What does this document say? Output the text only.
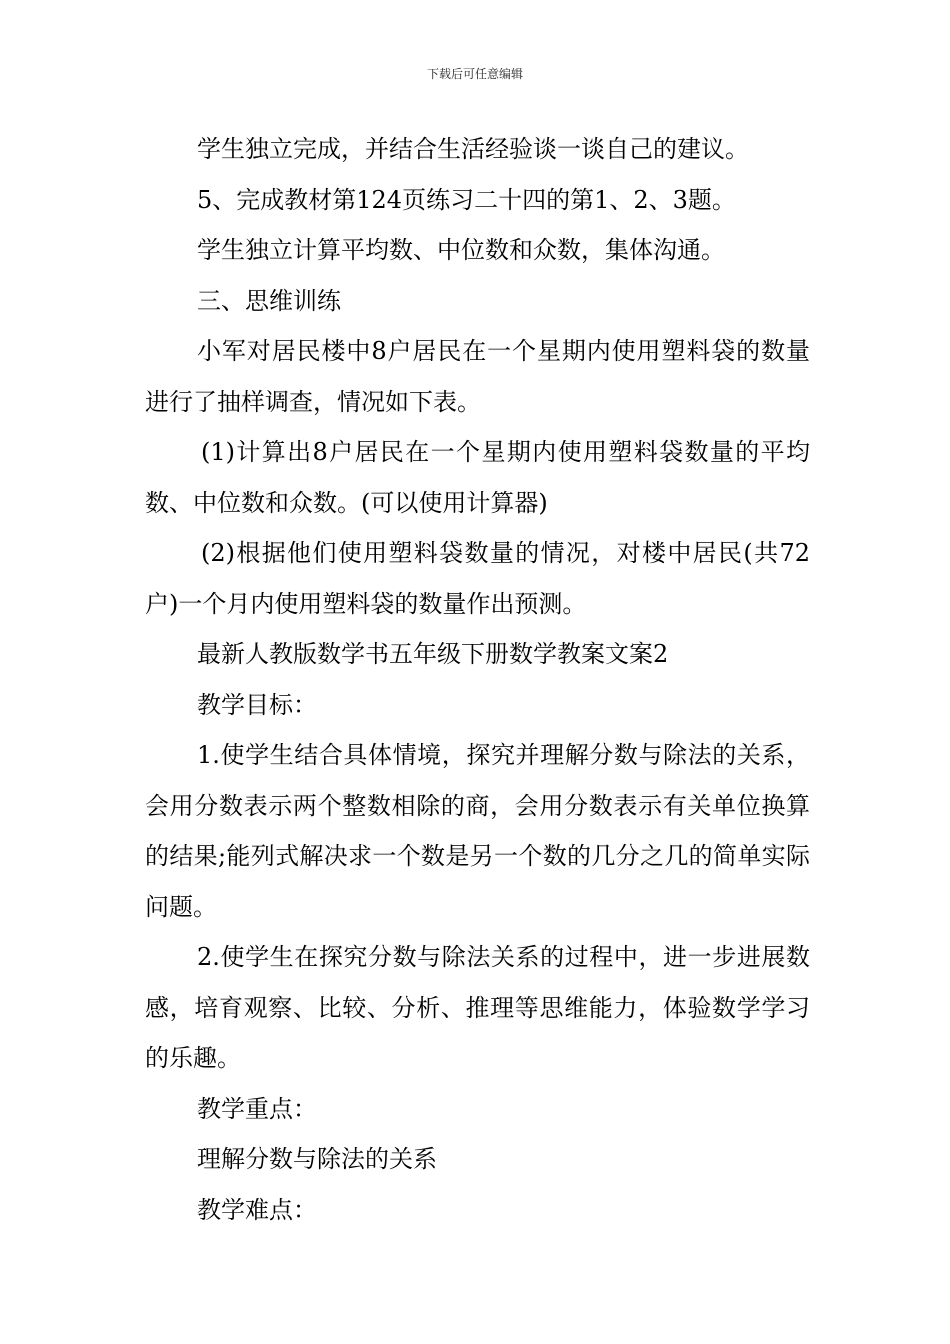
下载后可任意编辑

学生独立完成，并结合生活经验谈一谈自己的建议。

5、完成教材第124页练习二十四的第1、2、3题。

学生独立计算平均数、中位数和众数，集体沟通。

三、思维训练

小军对居民楼中8户居民在一个星期内使用塑料袋的数量进行了抽样调查，情况如下表。

(1)计算出8户居民在一个星期内使用塑料袋数量的平均数、中位数和众数。(可以使用计算器)

(2)根据他们使用塑料袋数量的情况，对楼中居民(共72户)一个月内使用塑料袋的数量作出预测。

最新人教版数学书五年级下册数学教案文案2

教学目标：

1.使学生结合具体情境，探究并理解分数与除法的关系，会用分数表示两个整数相除的商，会用分数表示有关单位换算的结果;能列式解决求一个数是另一个数的几分之几的简单实际问题。

2.使学生在探究分数与除法关系的过程中，进一步进展数感，培育观察、比较、分析、推理等思维能力，体验数学学习的乐趣。

教学重点：

理解分数与除法的关系

教学难点：
